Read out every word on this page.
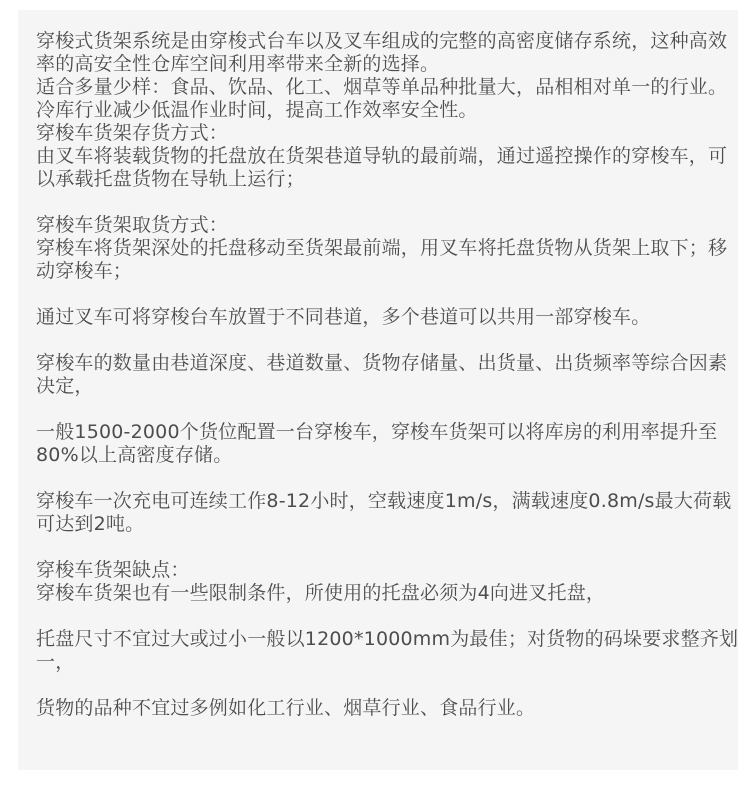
穿梭式货架系统是由穿梭式台车以及叉车组成的完整的高密度储存系统，这种高效
率的高安全性仓库空间利用率带来全新的选择。
适合多量少样：食品、饮品、化工、烟草等单品种批量大，品相相对单一的行业。
冷库行业减少低温作业时间，提高工作效率安全性。
穿梭车货架存货方式：
由叉车将装载货物的托盘放在货架巷道导轨的最前端，通过遥控操作的穿梭车，可
以承载托盘货物在导轨上运行；
穿梭车货架取货方式：
穿梭车将货架深处的托盘移动至货架最前端，用叉车将托盘货物从货架上取下；移
动穿梭车；
通过叉车可将穿梭台车放置于不同巷道，多个巷道可以共用一部穿梭车。
穿梭车的数量由巷道深度、巷道数量、货物存储量、出货量、出货频率等综合因素
决定，
一般1500-2000个货位配置一台穿梭车，穿梭车货架可以将库房的利用率提升至
80%以上高密度存储。
穿梭车一次充电可连续工作8-12小时，空载速度1m/s，满载速度0.8m/s最大荷载
可达到2吨。
穿梭车货架缺点：
穿梭车货架也有一些限制条件，所使用的托盘必须为4向进叉托盘，
托盘尺寸不宜过大或过小一般以1200*1000mm为最佳；对货物的码垛要求整齐划
一，
货物的品种不宜过多例如化工行业、烟草行业、食品行业。
